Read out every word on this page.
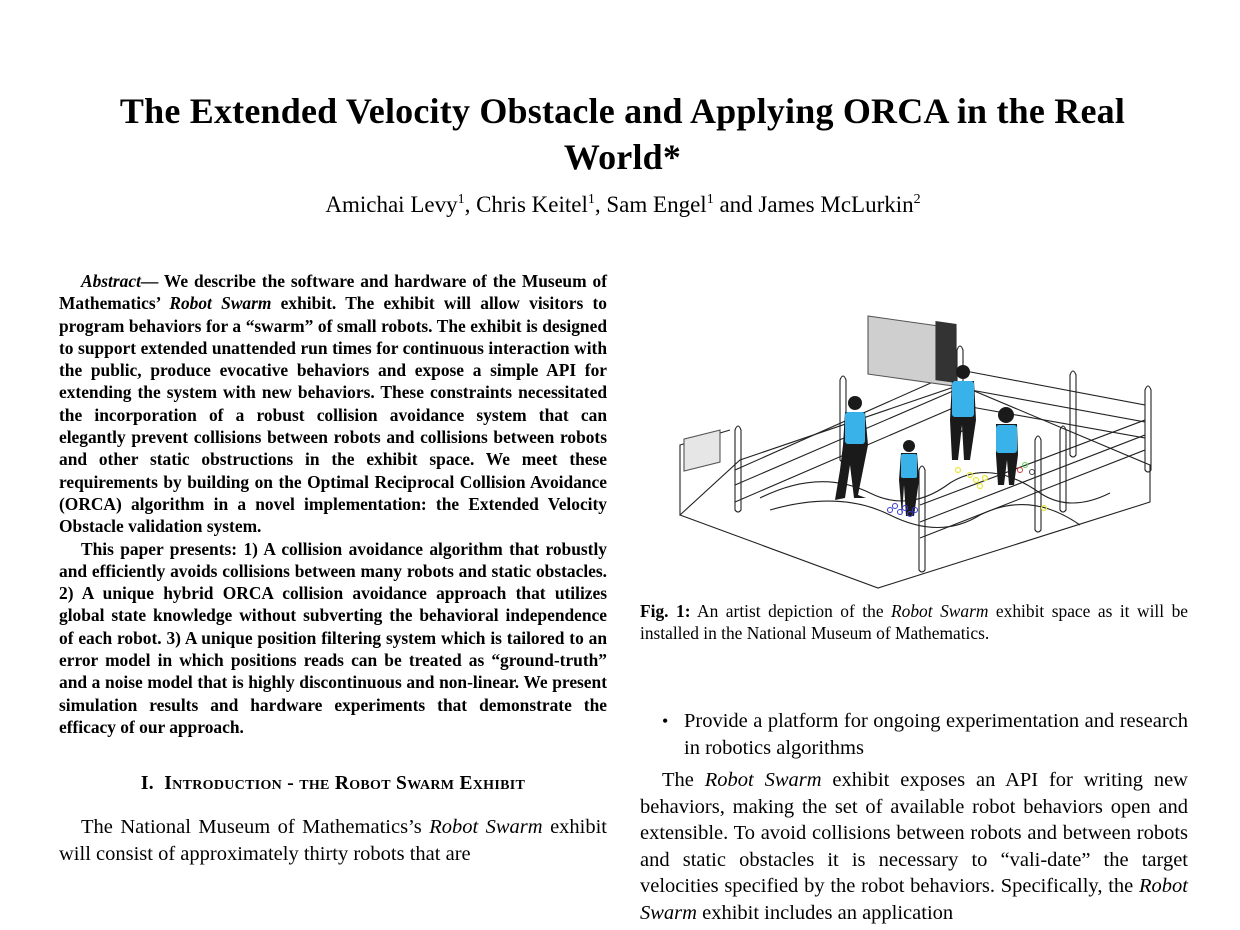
The Extended Velocity Obstacle and Applying ORCA in the Real World*
Amichai Levy$^1$, Chris Keitel$^1$, Sam Engel$^1$ and James McLurkin$^2$

Abstract— We describe the software and hardware of the Museum of Mathematics’ Robot Swarm exhibit. The exhibit will allow visitors to program behaviors for a “swarm” of small robots. The exhibit is designed to support extended unattended run times for continuous interaction with the public, produce evocative behaviors and expose a simple API for extending the system with new behaviors. These constraints necessitated the incorporation of a robust collision avoidance system that can elegantly prevent collisions between robots and collisions between robots and other static obstructions in the exhibit space. We meet these requirements by building on the Optimal Reciprocal Collision Avoidance (ORCA) algorithm in a novel implementation: the Extended Velocity Obstacle validation system.

This paper presents: 1) A collision avoidance algorithm that robustly and efficiently avoids collisions between many robots and static obstacles. 2) A unique hybrid ORCA collision avoidance approach that utilizes global state knowledge without subverting the behavioral independence of each robot. 3) A unique position filtering system which is tailored to an error model in which positions reads can be treated as “ground-truth” and a noise model that is highly discontinuous and non-linear. We present simulation results and hardware experiments that demonstrate the efficacy of our approach.

I. Introduction - the Robot Swarm Exhibit

The National Museum of Mathematics’s Robot Swarm exhibit will consist of approximately thirty robots that are

Fig. 1: An artist depiction of the Robot Swarm exhibit space as it will be installed in the National Museum of Mathematics.

• Provide a platform for ongoing experimentation and research in robotics algorithms

The Robot Swarm exhibit exposes an API for writing new behaviors, making the set of available robot behaviors open and extensible. To avoid collisions between robots and between robots and static obstacles it is necessary to “vali-date” the target velocities specified by the robot behaviors. Specifically, the Robot Swarm exhibit includes an application
